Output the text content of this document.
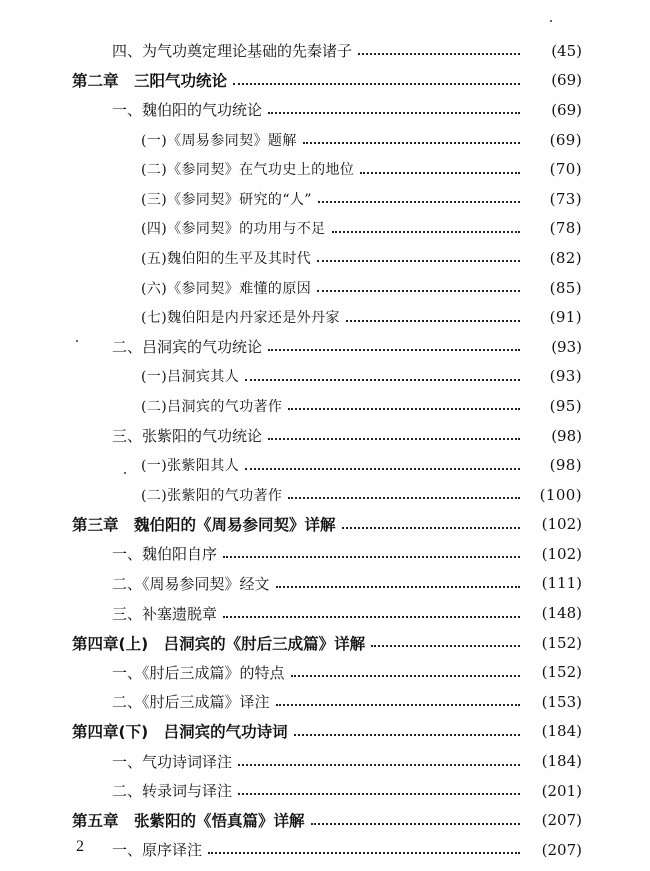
四、为气功奠定理论基础的先秦诸子	(45)
第二章　三阳气功统论	(69)
一、魏伯阳的气功统论	(69)
(一)《周易参同契》题解	(69)
(二)《参同契》在气功史上的地位	(70)
(三)《参同契》研究的“人”	(73)
(四)《参同契》的功用与不足	(78)
(五)魏伯阳的生平及其时代	(82)
(六)《参同契》难懂的原因	(85)
(七)魏伯阳是内丹家还是外丹家	(91)
二、吕洞宾的气功统论	(93)
(一)吕洞宾其人	(93)
(二)吕洞宾的气功著作	(95)
三、张紫阳的气功统论	(98)
(一)张紫阳其人	(98)
(二)张紫阳的气功著作	(100)
第三章　魏伯阳的《周易参同契》详解	(102)
一、魏伯阳自序	(102)
二、《周易参同契》经文	(111)
三、补塞遗脱章	(148)
第四章(上)　吕洞宾的《肘后三成篇》详解	(152)
一、《肘后三成篇》的特点	(152)
二、《肘后三成篇》译注	(153)
第四章(下)　吕洞宾的气功诗词	(184)
一、气功诗词译注	(184)
二、转录词与译注	(201)
第五章　张紫阳的《悟真篇》详解	(207)
一、原序译注	(207)
2
